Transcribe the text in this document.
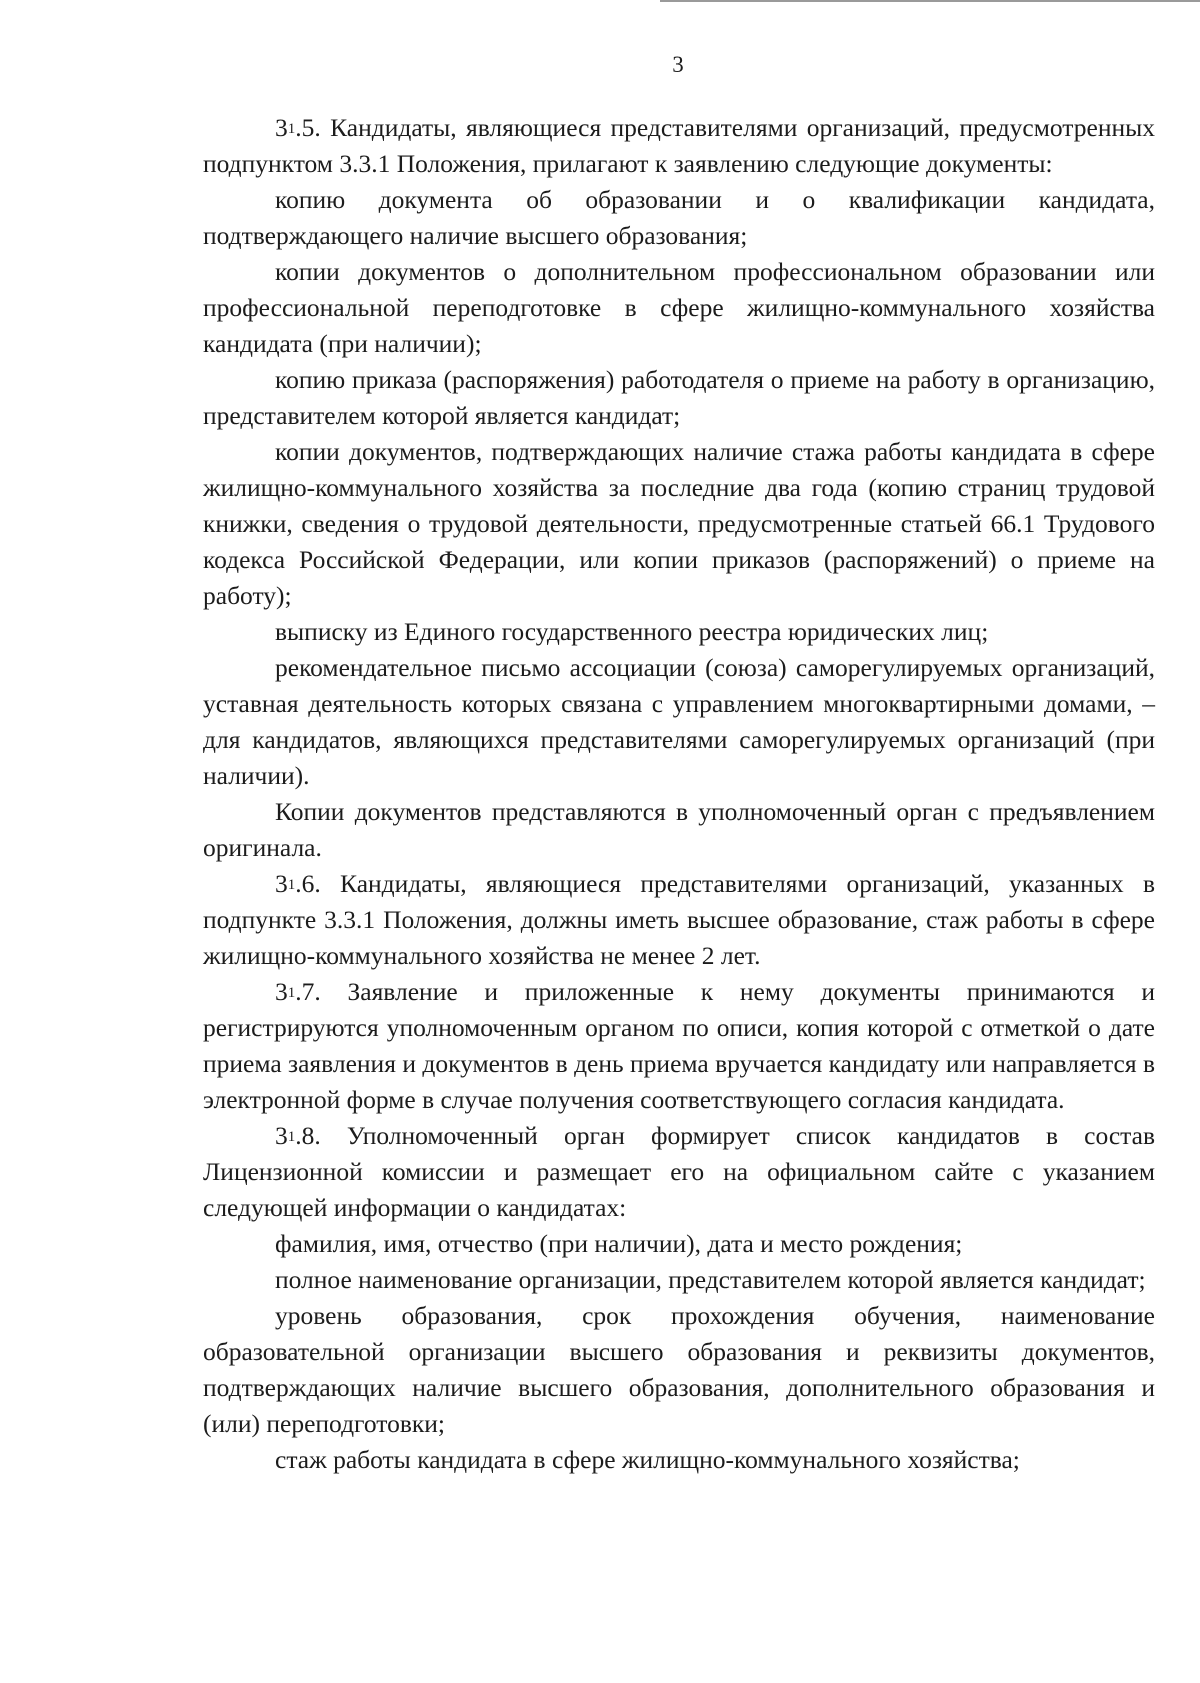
3

$3^1.5$. Кандидаты, являющиеся представителями организаций, предусмотренных подпунктом 3.3.1 Положения, прилагают к заявлению следующие документы:

копию документа об образовании и о квалификации кандидата, подтверждающего наличие высшего образования;

копии документов о дополнительном профессиональном образовании или профессиональной переподготовке в сфере жилищно-коммунального хозяйства кандидата (при наличии);

копию приказа (распоряжения) работодателя о приеме на работу в организацию, представителем которой является кандидат;

копии документов, подтверждающих наличие стажа работы кандидата в сфере жилищно-коммунального хозяйства за последние два года (копию страниц трудовой книжки, сведения о трудовой деятельности, предусмотренные статьей 66.1 Трудового кодекса Российской Федерации, или копии приказов (распоряжений) о приеме на работу);

выписку из Единого государственного реестра юридических лиц;

рекомендательное письмо ассоциации (союза) саморегулируемых организаций, уставная деятельность которых связана с управлением многоквартирными домами, – для кандидатов, являющихся представителями саморегулируемых организаций (при наличии).

Копии документов представляются в уполномоченный орган с предъявлением оригинала.

$3^1.6$. Кандидаты, являющиеся представителями организаций, указанных в подпункте 3.3.1 Положения, должны иметь высшее образование, стаж работы в сфере жилищно-коммунального хозяйства не менее 2 лет.

$3^1.7$. Заявление и приложенные к нему документы принимаются и регистрируются уполномоченным органом по описи, копия которой с отметкой о дате приема заявления и документов в день приема вручается кандидату или направляется в электронной форме в случае получения соответствующего согласия кандидата.

$3^1.8$. Уполномоченный орган формирует список кандидатов в состав Лицензионной комиссии и размещает его на официальном сайте с указанием следующей информации о кандидатах:

фамилия, имя, отчество (при наличии), дата и место рождения;

полное наименование организации, представителем которой является кандидат;

уровень образования, срок прохождения обучения, наименование образовательной организации высшего образования и реквизиты документов, подтверждающих наличие высшего образования, дополнительного образования и (или) переподготовки;

стаж работы кандидата в сфере жилищно-коммунального хозяйства;
